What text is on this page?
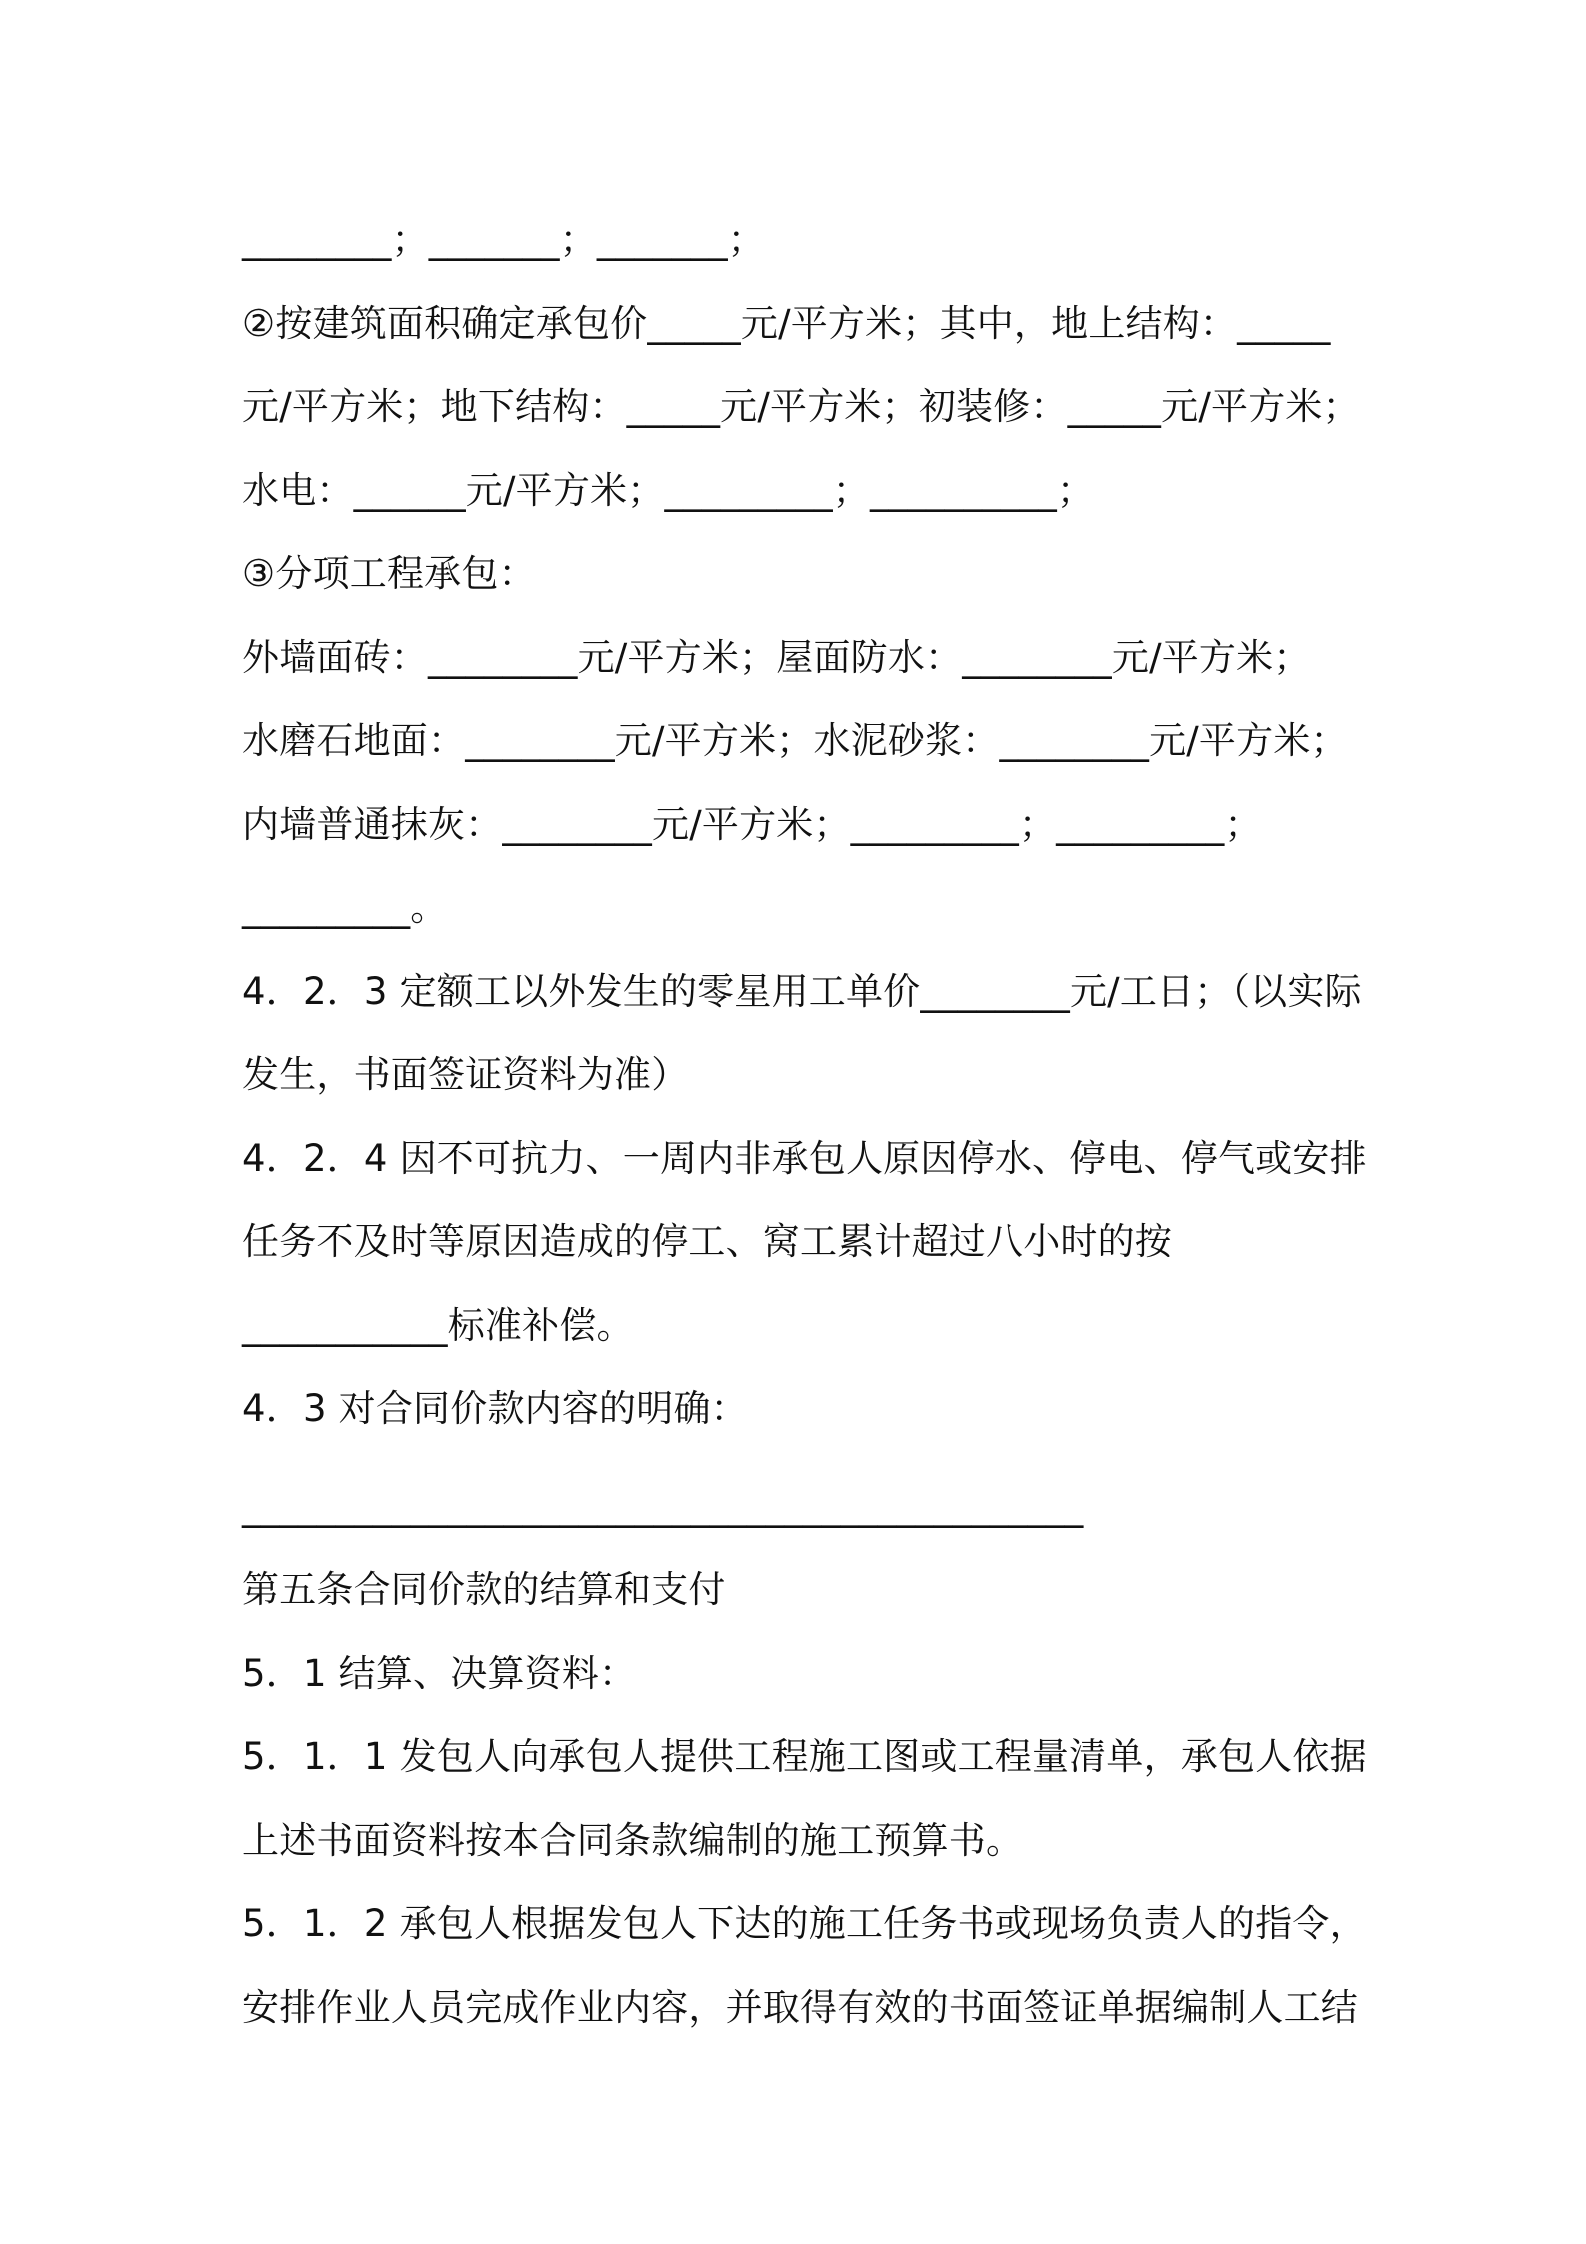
________；_______；_______；
②按建筑面积确定承包价_____元/平方米；其中，地上结构：_____
元/平方米；地下结构：_____元/平方米；初装修：_____元/平方米；
水电：______元/平方米；_________；__________；
③分项工程承包：
外墙面砖：________元/平方米；屋面防水：________元/平方米；
水磨石地面：________元/平方米；水泥砂浆：________元/平方米；
内墙普通抹灰：________元/平方米；_________；_________；
_________。
4．2．3 定额工以外发生的零星用工单价________元/工日；（以实际
发生，书面签证资料为准）
4．2．4 因不可抗力、一周内非承包人原因停水、停电、停气或安排
任务不及时等原因造成的停工、窝工累计超过八小时的按
___________标准补偿。
4．3 对合同价款内容的明确：
_____________________________________________
第五条合同价款的结算和支付
5．1 结算、决算资料：
5．1．1 发包人向承包人提供工程施工图或工程量清单，承包人依据
上述书面资料按本合同条款编制的施工预算书。
5．1．2 承包人根据发包人下达的施工任务书或现场负责人的指令，
安排作业人员完成作业内容，并取得有效的书面签证单据编制人工结
